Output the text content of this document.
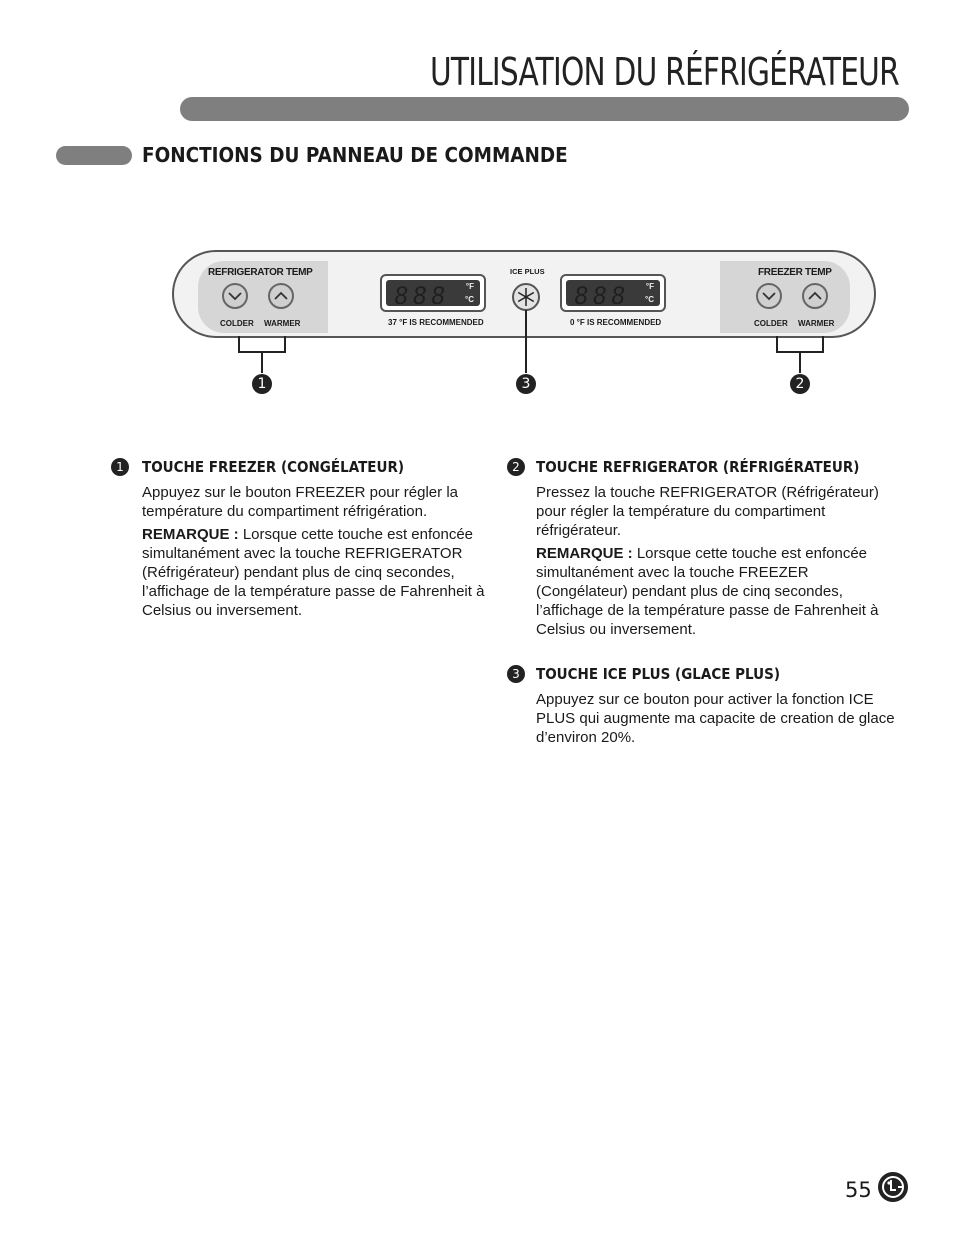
UTILISATION DU RÉFRIGÉRATEUR
FONCTIONS DU PANNEAU DE COMMANDE
REFRIGERATOR TEMP
COLDER WARMER
888 °F
°C
37 °F IS RECOMMENDED
ICE PLUS
888 °F
°C
0 °F IS RECOMMENDED
FREEZER TEMP
COLDER WARMER
1	3	2
1	TOUCHE FREEZER (CONGÉLATEUR)
Appuyez sur le bouton FREEZER pour régler la température du compartiment réfrigération.
REMARQUE : Lorsque cette touche est enfoncée simultanément avec la touche REFRIGERATOR (Réfrigérateur) pendant plus de cinq secondes, l’affichage de la température passe de Fahrenheit à Celsius ou inversement.
2	TOUCHE REFRIGERATOR (RÉFRIGÉRATEUR)
Pressez la touche REFRIGERATOR (Réfrigérateur) pour régler la température du compartiment réfrigérateur.
REMARQUE : Lorsque cette touche est enfoncée simultanément avec la touche FREEZER (Congélateur) pendant plus de cinq secondes, l’affichage de la température passe de Fahrenheit à Celsius ou inversement.
3	TOUCHE ICE PLUS (GLACE PLUS)
Appuyez sur ce bouton pour activer la fonction ICE PLUS qui augmente ma capacite de creation de glace d’environ 20%.
55
